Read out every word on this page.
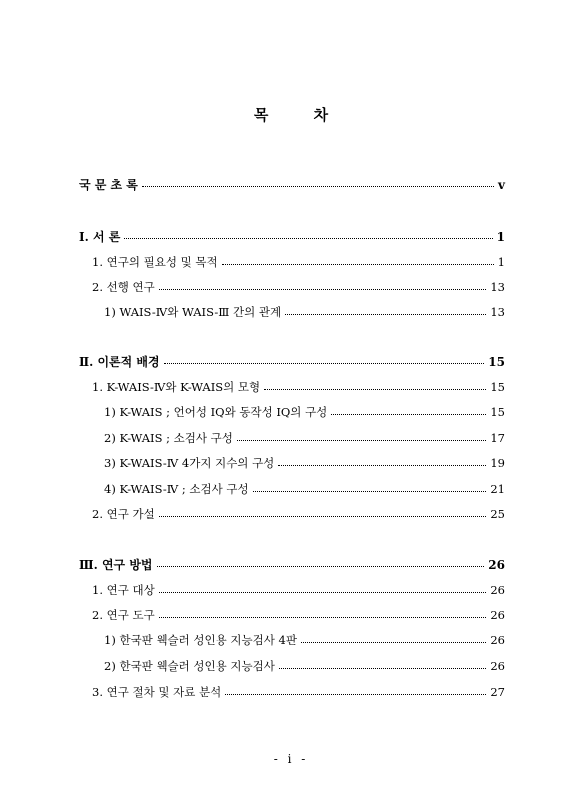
목 차
국 문 초 록	v
Ⅰ. 서 론	1
1. 연구의 필요성 및 목적	1
2. 선행 연구	13
1) WAIS-Ⅳ와 WAIS-Ⅲ 간의 관계	13
Ⅱ. 이론적 배경	15
1. K-WAIS-Ⅳ와 K-WAIS의 모형	15
1) K-WAIS ; 언어성 IQ와 동작성 IQ의 구성	15
2) K-WAIS ; 소검사 구성	17
3) K-WAIS-Ⅳ 4가지 지수의 구성	19
4) K-WAIS-Ⅳ ; 소검사 구성	21
2. 연구 가설	25
Ⅲ. 연구 방법	26
1. 연구 대상	26
2. 연구 도구	26
1) 한국판 웩슬러 성인용 지능검사 4판	26
2) 한국판 웩슬러 성인용 지능검사	26
3. 연구 절차 및 자료 분석	27
- i -
